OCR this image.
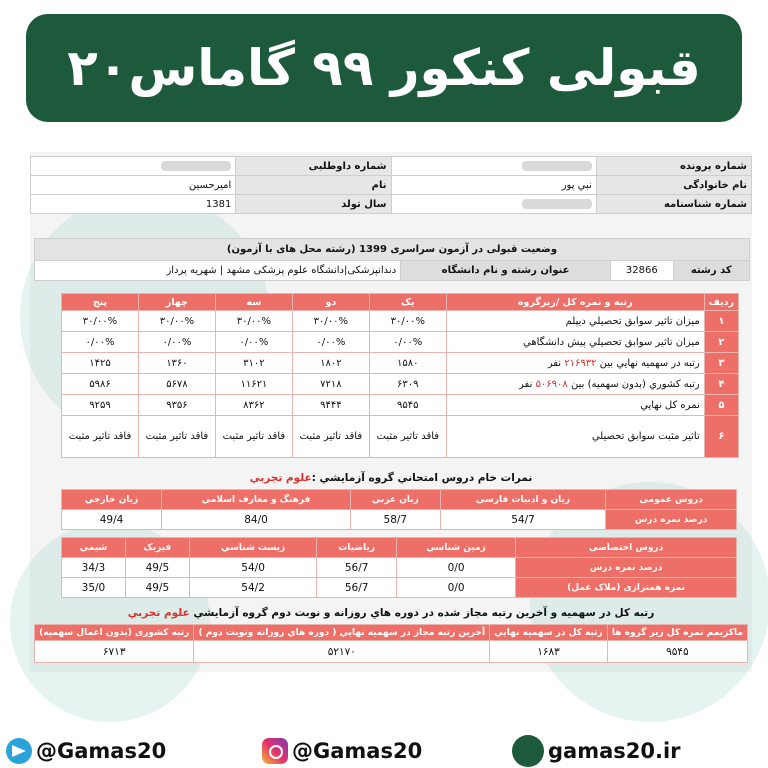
قبولی کنکور ۹۹ گاماس۲۰
شماره پرونده		شماره داوطلبی	
نام خانوادگی	نبي پور	نام	اميرحسين
شماره شناسنامه		سال تولد	1381
وضعيت قبولی در آزمون سراسری 1399 (رشته محل های با آزمون)
کد رشته	32866	عنوان رشته و نام دانشگاه	دندانپزشکی|دانشگاه علوم پزشکی مشهد | شهریه پرداز
رديف	رتبه و نمره کل /زيرگروه	یک	دو	سه	چهار	پنج
۱	ميزان تاثير سوابق تحصيلي ديپلم	۳۰/۰۰%	۳۰/۰۰%	۳۰/۰۰%	۳۰/۰۰%	۳۰/۰۰%
۲	ميزان تاثير سوابق تحصيلي پيش دانشگاهي	۰/۰۰%	۰/۰۰%	۰/۰۰%	۰/۰۰%	۰/۰۰%
۳	رتبه در سهميه نهايي بين ۲۱۶۹۳۲ نفر	۱۵۸۰	۱۸۰۲	۳۱۰۲	۱۳۶۰	۱۴۲۵
۴	رتبه کشوري (بدون سهميه) بين ۵۰۶۹۰۸ نفر	۶۳۰۹	۷۲۱۸	۱۱۶۲۱	۵۶۷۸	۵۹۸۶
۵	نمره کل نهايي	۹۵۴۵	۹۴۴۴	۸۳۶۲	۹۳۵۶	۹۲۵۹
۶	تاثير مثبت سوابق تحصيلي	فاقد تاثير مثبت	فاقد تاثير مثبت	فاقد تاثير مثبت	فاقد تاثير مثبت	فاقد تاثير مثبت
نمرات خام دروس امتحاني گروه آزمايشي :علوم تجربي
دروس عمومی	زبان و ادبيات فارسي	زبان عربي	فرهنگ و معارف اسلامي	زبان خارجي
درصد نمره درس	54/7	58/7	84/0	49/4
دروس اختصاصی	زمين شناسي	رياضيات	زيست شناسي	فيزيک	شيمي
درصد نمره درس	0/0	56/7	54/0	49/5	34/3
نمره همترازی (ملاک عمل)	0/0	56/7	54/2	49/5	35/0
رتبه کل در سهميه و آخرين رتبه مجاز شده در دوره هاي روزانه و نوبت دوم گروه آزمايشي علوم تجربي
ماکزيمم نمره کل زير گروه ها	رتبه کل در سهميه نهايي	آخرين رتبه مجاز در سهميه نهايي ( دوره هاي روزانه ونوبت دوم )	رتبه کشوری (بدون اعمال سهمیه)
۹۵۴۵	۱۶۸۳	۵۲۱۷۰	۶۷۱۳
@Gamas20	@Gamas20	gamas20.ir
